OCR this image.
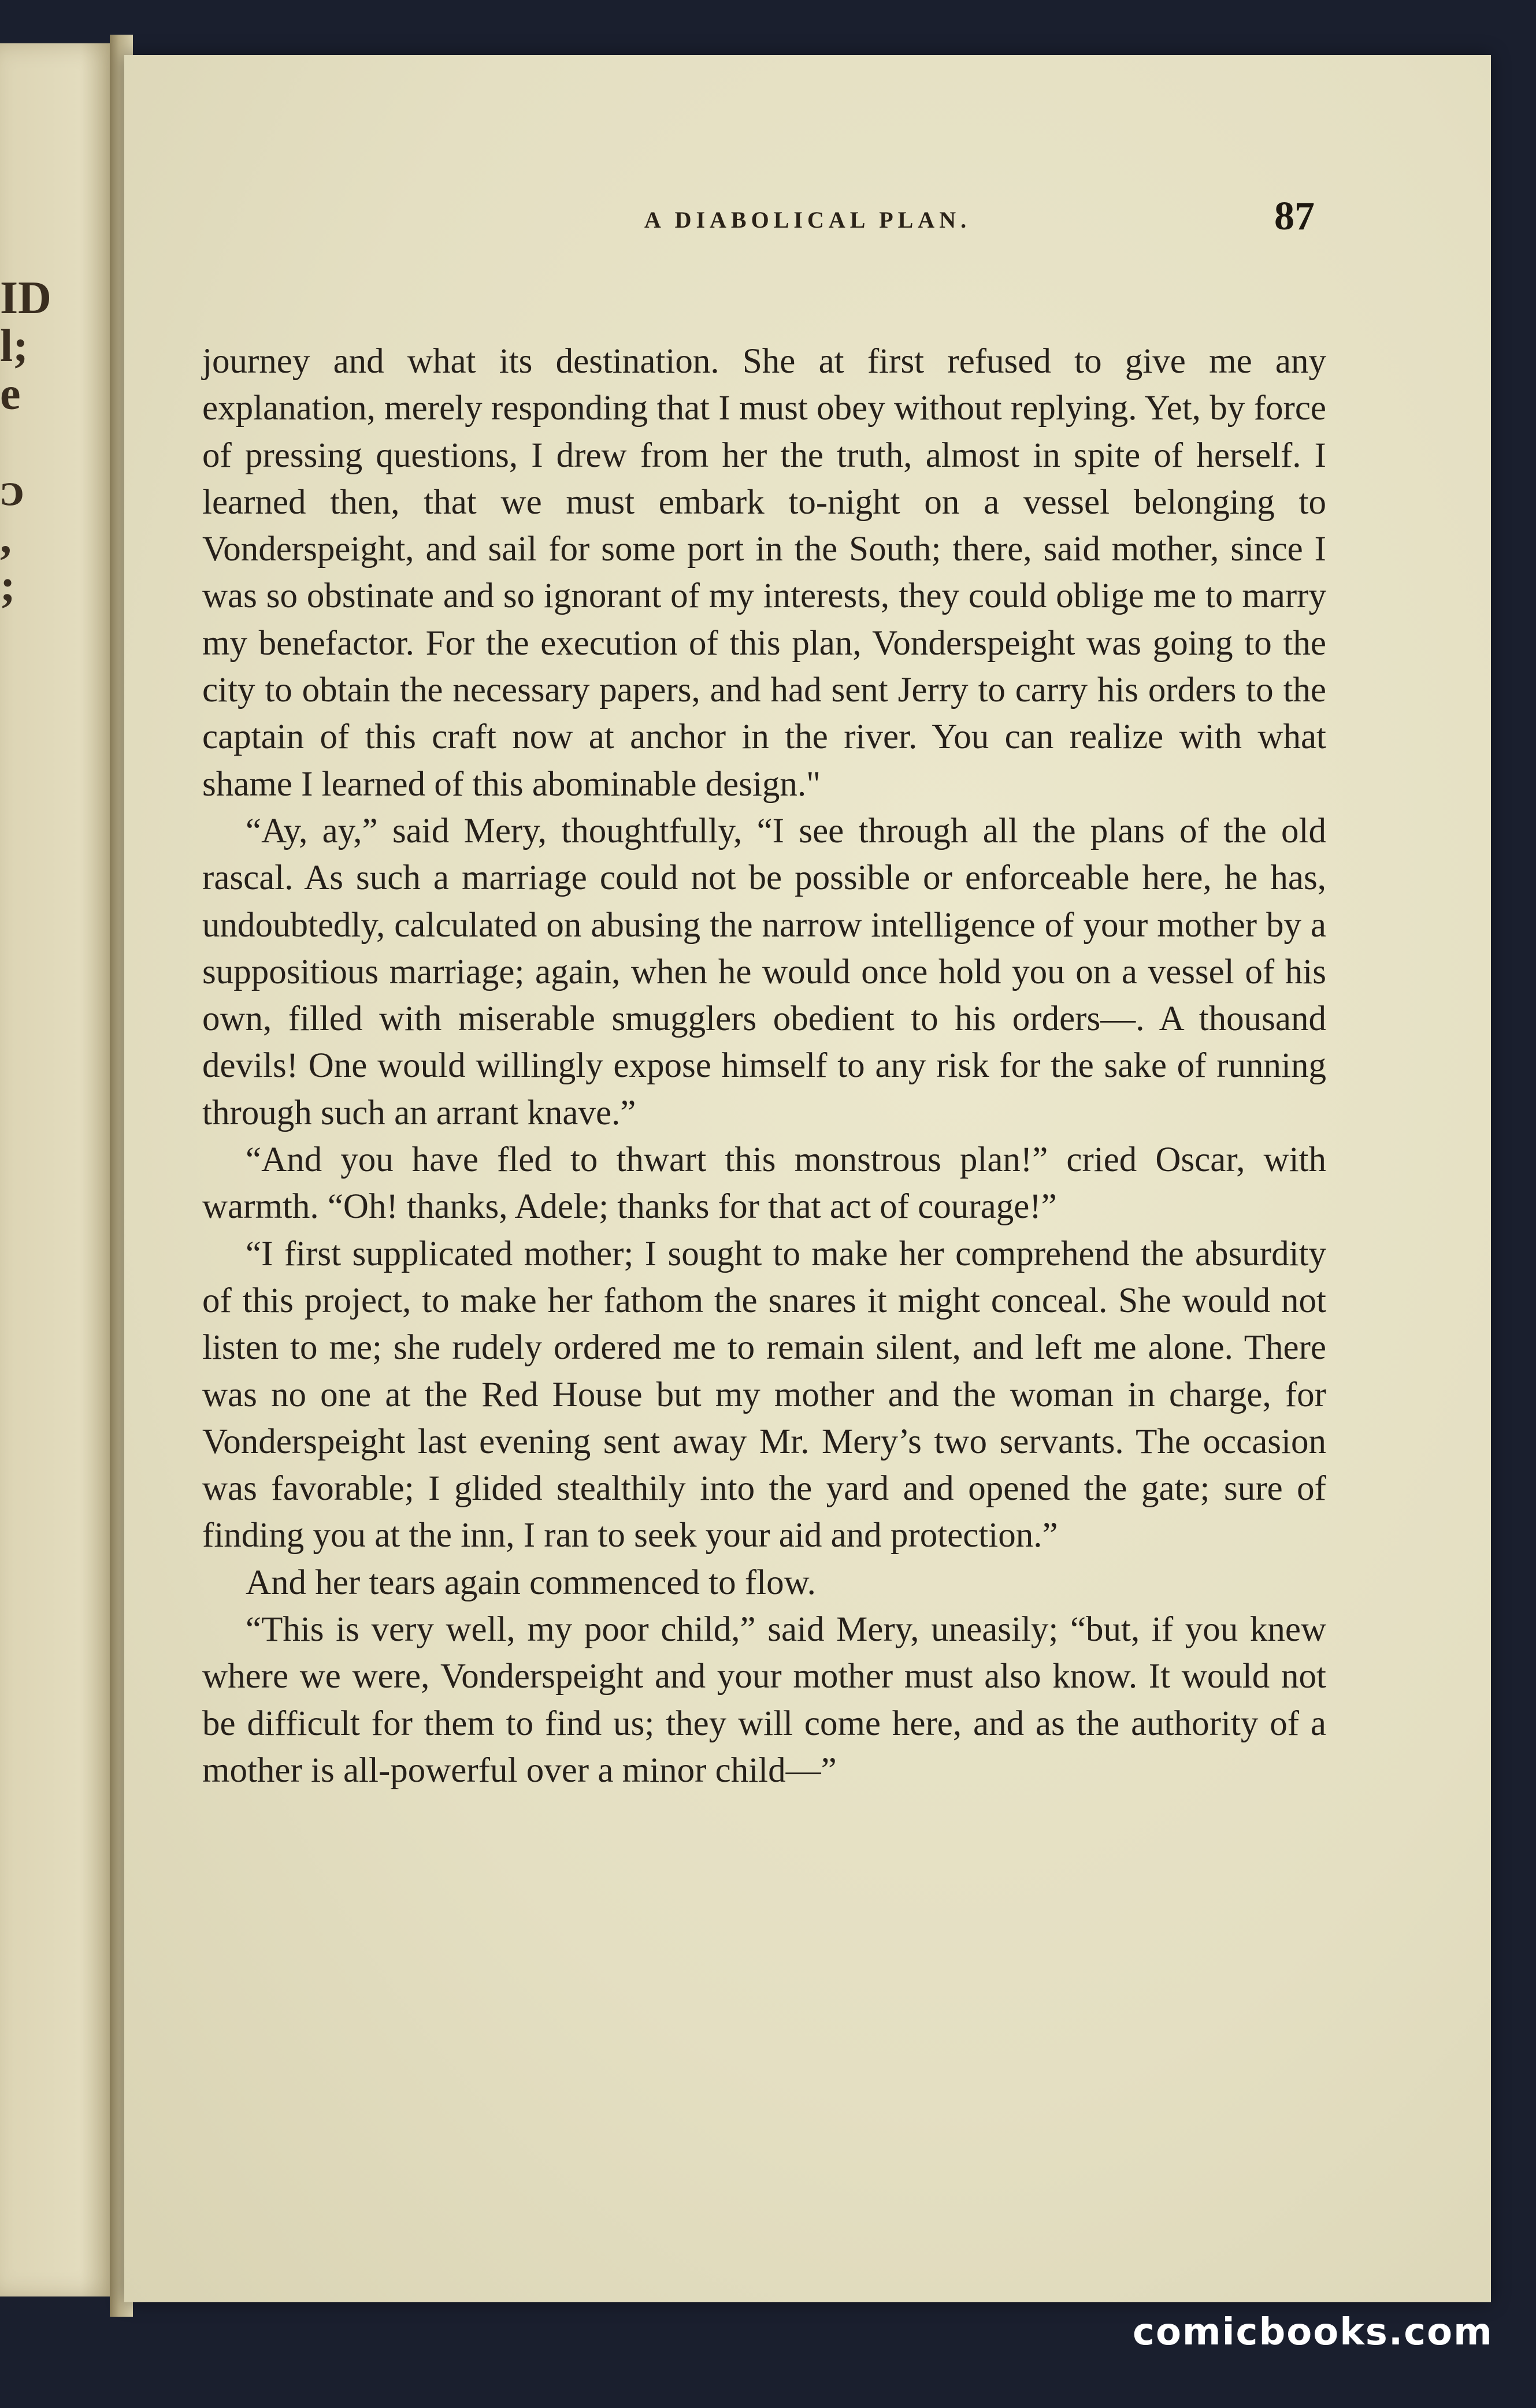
ID
l;
e
ᴐ
,
;
A DIABOLICAL PLAN.	87

journey and what its destination. She at first refused to give me any explanation, merely responding that I must obey without replying. Yet, by force of pressing questions, I drew from her the truth, almost in spite of herself. I learned then, that we must embark to-night on a vessel belonging to Vonderspeight, and sail for some port in the South; there, said mother, since I was so obstinate and so ignorant of my interests, they could oblige me to marry my benefactor. For the execution of this plan, Vonderspeight was going to the city to obtain the necessary papers, and had sent Jerry to carry his orders to the captain of this craft now at anchor in the river. You can realize with what shame I learned of this abominable design."

“Ay, ay,” said Mery, thoughtfully, “I see through all the plans of the old rascal. As such a marriage could not be possible or enforceable here, he has, undoubtedly, calculated on abusing the narrow intelligence of your mother by a suppositious marriage; again, when he would once hold you on a vessel of his own, filled with miserable smugglers obedient to his orders—. A thousand devils! One would willingly expose himself to any risk for the sake of running through such an arrant knave.”

“And you have fled to thwart this monstrous plan!” cried Oscar, with warmth. “Oh! thanks, Adele; thanks for that act of courage!”

“I first supplicated mother; I sought to make her comprehend the absurdity of this project, to make her fathom the snares it might conceal. She would not listen to me; she rudely ordered me to remain silent, and left me alone. There was no one at the Red House but my mother and the woman in charge, for Vonderspeight last evening sent away Mr. Mery’s two servants. The occasion was favorable; I glided stealthily into the yard and opened the gate; sure of finding you at the inn, I ran to seek your aid and protection.”

And her tears again commenced to flow.

“This is very well, my poor child,” said Mery, uneasily; “but, if you knew where we were, Vonderspeight and your mother must also know. It would not be difficult for them to find us; they will come here, and as the authority of a mother is all-powerful over a minor child—”

comicbooks.com
